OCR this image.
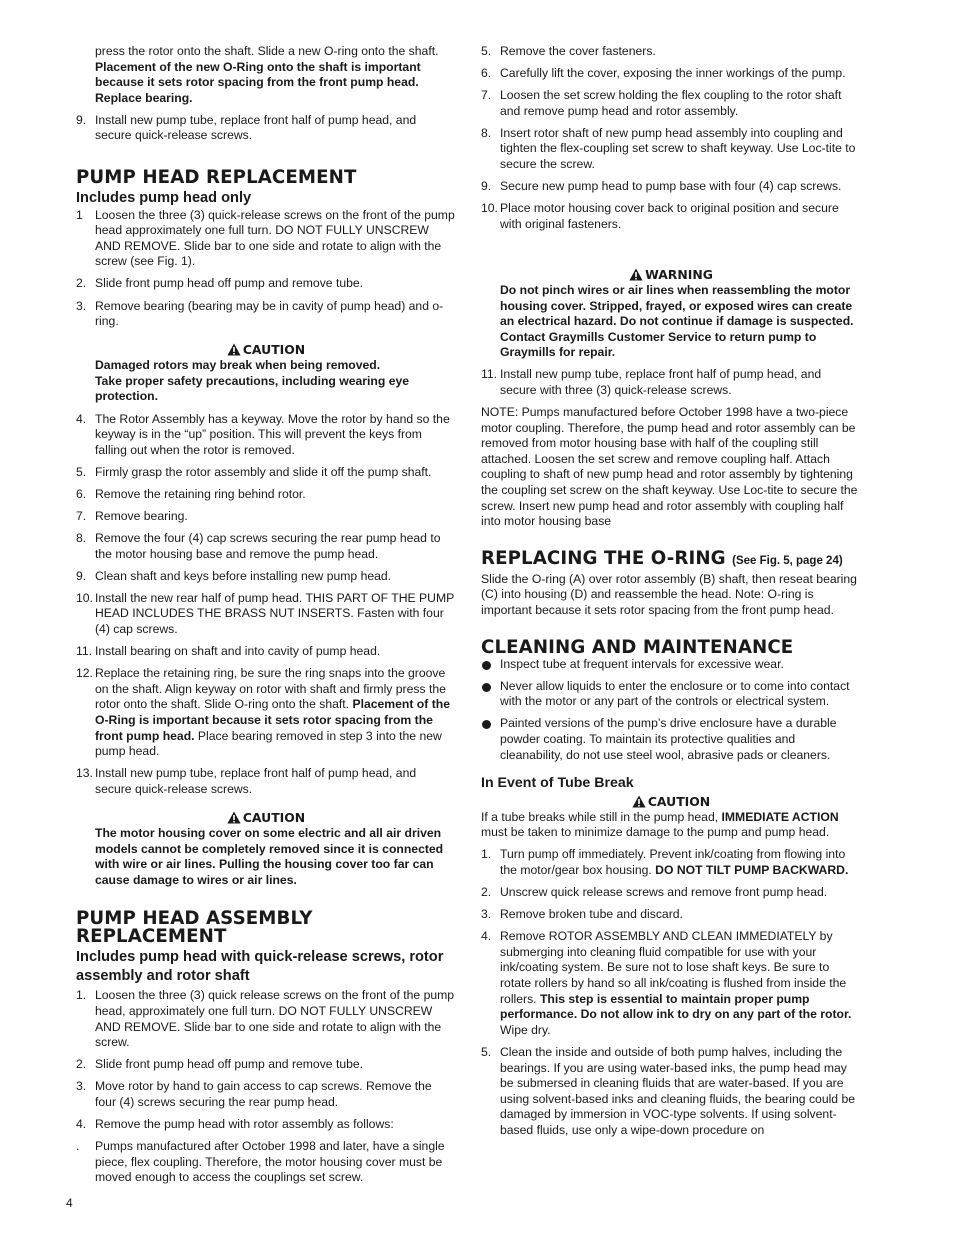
press the rotor onto the shaft. Slide a new O-ring onto the shaft. Placement of the new O-Ring onto the shaft is important because it sets rotor spacing from the front pump head. Replace bearing.

9. Install new pump tube, replace front half of pump head, and secure quick-release screws.
PUMP HEAD REPLACEMENT
Includes pump head only
1 Loosen the three (3) quick-release screws on the front of the pump head approximately one full turn. DO NOT FULLY UNSCREW AND REMOVE. Slide bar to one side and rotate to align with the screw (see Fig. 1).
2. Slide front pump head off pump and remove tube.
3. Remove bearing (bearing may be in cavity of pump head) and o-ring.
CAUTION
Damaged rotors may break when being removed.
Take proper safety precautions, including wearing eye protection.
4. The Rotor Assembly has a keyway. Move the rotor by hand so the keyway is in the “up” position. This will prevent the keys from falling out when the rotor is removed.
5. Firmly grasp the rotor assembly and slide it off the pump shaft.
6. Remove the retaining ring behind rotor.
7. Remove bearing.
8. Remove the four (4) cap screws securing the rear pump head to the motor housing base and remove the pump head.
9. Clean shaft and keys before installing new pump head.
10. Install the new rear half of pump head. THIS PART OF THE PUMP HEAD INCLUDES THE BRASS NUT INSERTS. Fasten with four (4) cap screws.
11. Install bearing on shaft and into cavity of pump head.
12. Replace the retaining ring, be sure the ring snaps into the groove on the shaft. Align keyway on rotor with shaft and firmly press the rotor onto the shaft. Slide O-ring onto the shaft. Placement of the O-Ring is important because it sets rotor spacing from the front pump head. Place bearing removed in step 3 into the new pump head.
13. Install new pump tube, replace front half of pump head, and secure quick-release screws.
CAUTION
The motor housing cover on some electric and all air driven models cannot be completely removed since it is connected with wire or air lines. Pulling the housing cover too far can cause damage to wires or air lines.
PUMP HEAD ASSEMBLY
REPLACEMENT
Includes pump head with quick-release screws, rotor assembly and rotor shaft
1. Loosen the three (3) quick release screws on the front of the pump head, approximately one full turn. DO NOT FULLY UNSCREW AND REMOVE. Slide bar to one side and rotate to align with the screw.
2. Slide front pump head off pump and remove tube.
3. Move rotor by hand to gain access to cap screws. Remove the four (4) screws securing the rear pump head.
4. Remove the pump head with rotor assembly as follows:
. Pumps manufactured after October 1998 and later, have a single piece, flex coupling. Therefore, the motor housing cover must be moved enough to access the couplings set screw.
5. Remove the cover fasteners.
6. Carefully lift the cover, exposing the inner workings of the pump.
7. Loosen the set screw holding the flex coupling to the rotor shaft and remove pump head and rotor assembly.
8. Insert rotor shaft of new pump head assembly into coupling and tighten the flex-coupling set screw to shaft keyway. Use Loc-tite to secure the screw.
9. Secure new pump head to pump base with four (4) cap screws.
10. Place motor housing cover back to original position and secure with original fasteners.
WARNING
Do not pinch wires or air lines when reassembling the motor housing cover. Stripped, frayed, or exposed wires can create an electrical hazard. Do not continue if damage is suspected. Contact Graymills Customer Service to return pump to Graymills for repair.
11. Install new pump tube, replace front half of pump head, and secure with three (3) quick-release screws.

NOTE: Pumps manufactured before October 1998 have a two-piece motor coupling. Therefore, the pump head and rotor assembly can be removed from motor housing base with half of the coupling still attached. Loosen the set screw and remove coupling half. Attach coupling to shaft of new pump head and rotor assembly by tightening the coupling set screw on the shaft keyway. Use Loc-tite to secure the screw. Insert new pump head and rotor assembly with coupling half into motor housing base

REPLACING THE O-RING (See Fig. 5, page 24)

Slide the O-ring (A) over rotor assembly (B) shaft, then reseat bearing (C) into housing (D) and reassemble the head. Note: O-ring is important because it sets rotor spacing from the front pump head.

CLEANING AND MAINTENANCE
Inspect tube at frequent intervals for excessive wear.
Never allow liquids to enter the enclosure or to come into contact with the motor or any part of the controls or electrical system.
Painted versions of the pump’s drive enclosure have a durable powder coating. To maintain its protective qualities and cleanability, do not use steel wool, abrasive pads or cleaners.
In Event of Tube Break
CAUTION

If a tube breaks while still in the pump head, IMMEDIATE ACTION must be taken to minimize damage to the pump and pump head.

1. Turn pump off immediately. Prevent ink/coating from flowing into the motor/gear box housing. DO NOT TILT PUMP BACKWARD.
2. Unscrew quick release screws and remove front pump head.
3. Remove broken tube and discard.
4. Remove ROTOR ASSEMBLY AND CLEAN IMMEDIATELY by submerging into cleaning fluid compatible for use with your ink/coating system. Be sure not to lose shaft keys. Be sure to rotate rollers by hand so all ink/coating is flushed from inside the rollers. This step is essential to maintain proper pump performance. Do not allow ink to dry on any part of the rotor. Wipe dry.
5. Clean the inside and outside of both pump halves, including the bearings. If you are using water-based inks, the pump head may be submersed in cleaning fluids that are water-based. If you are using solvent-based inks and cleaning fluids, the bearing could be damaged by immersion in VOC-type solvents. If using solvent-based fluids, use only a wipe-down procedure on
4
